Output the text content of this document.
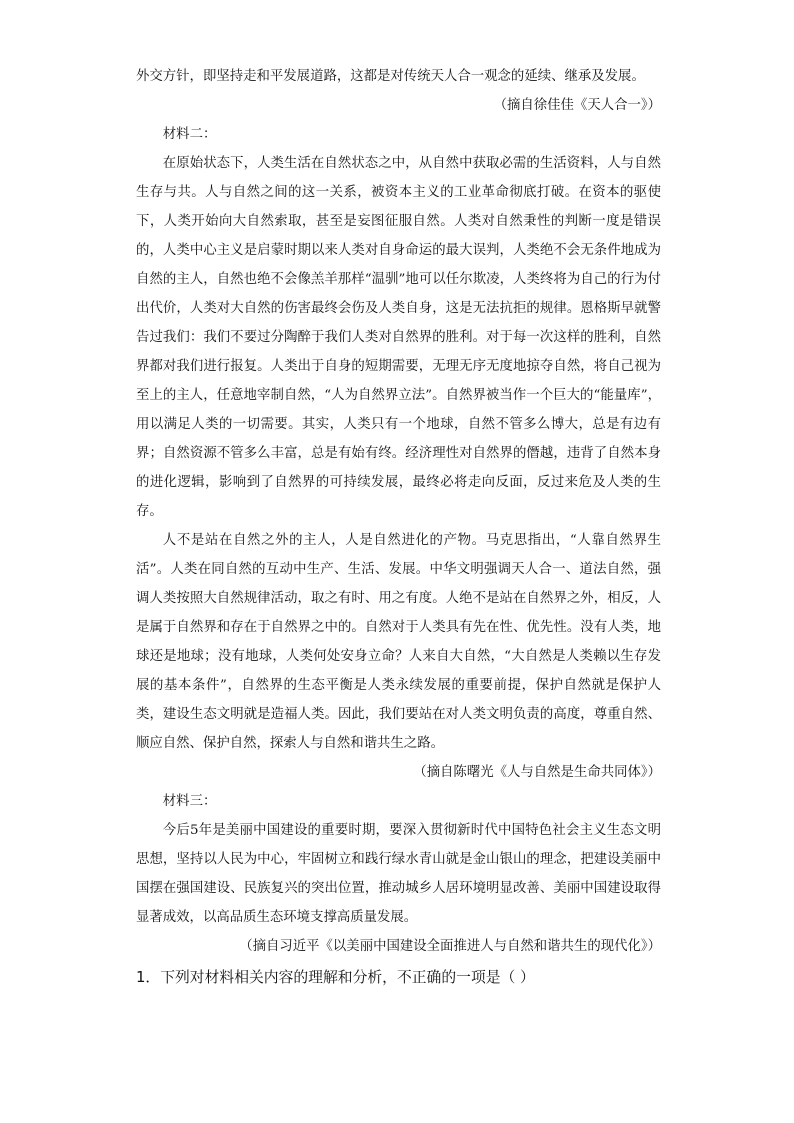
外交方针，即坚持走和平发展道路，这都是对传统天人合一观念的延续、继承及发展。

（摘自徐佳佳《天人合一》）

材料二：

在原始状态下，人类生活在自然状态之中，从自然中获取必需的生活资料，人与自然生存与共。人与自然之间的这一关系，被资本主义的工业革命彻底打破。在资本的驱使下，人类开始向大自然索取，甚至是妄图征服自然。人类对自然秉性的判断一度是错误的，人类中心主义是启蒙时期以来人类对自身命运的最大误判，人类绝不会无条件地成为自然的主人，自然也绝不会像羔羊那样“温驯”地可以任尔欺凌，人类终将为自己的行为付出代价，人类对大自然的伤害最终会伤及人类自身，这是无法抗拒的规律。恩格斯早就警告过我们：我们不要过分陶醉于我们人类对自然界的胜利。对于每一次这样的胜利，自然界都对我们进行报复。人类出于自身的短期需要，无理无序无度地掠夺自然，将自己视为至上的主人，任意地宰制自然，“人为自然界立法”。自然界被当作一个巨大的“能量库”，用以满足人类的一切需要。其实，人类只有一个地球，自然不管多么博大，总是有边有界；自然资源不管多么丰富，总是有始有终。经济理性对自然界的僭越，违背了自然本身的进化逻辑，影响到了自然界的可持续发展，最终必将走向反面，反过来危及人类的生存。

人不是站在自然之外的主人，人是自然进化的产物。马克思指出，“人靠自然界生活”。人类在同自然的互动中生产、生活、发展。中华文明强调天人合一、道法自然，强调人类按照大自然规律活动，取之有时、用之有度。人绝不是站在自然界之外，相反，人是属于自然界和存在于自然界之中的。自然对于人类具有先在性、优先性。没有人类，地球还是地球；没有地球，人类何处安身立命？人来自大自然，“大自然是人类赖以生存发展的基本条件”，自然界的生态平衡是人类永续发展的重要前提，保护自然就是保护人类，建设生态文明就是造福人类。因此，我们要站在对人类文明负责的高度，尊重自然、顺应自然、保护自然，探索人与自然和谐共生之路。

（摘自陈曙光《人与自然是生命共同体》）

材料三：

今后5年是美丽中国建设的重要时期，要深入贯彻新时代中国特色社会主义生态文明思想，坚持以人民为中心，牢固树立和践行绿水青山就是金山银山的理念，把建设美丽中国摆在强国建设、民族复兴的突出位置，推动城乡人居环境明显改善、美丽中国建设取得显著成效，以高品质生态环境支撑高质量发展。

（摘自习近平《以美丽中国建设全面推进人与自然和谐共生的现代化》）

1．下列对材料相关内容的理解和分析，不正确的一项是（ ）
